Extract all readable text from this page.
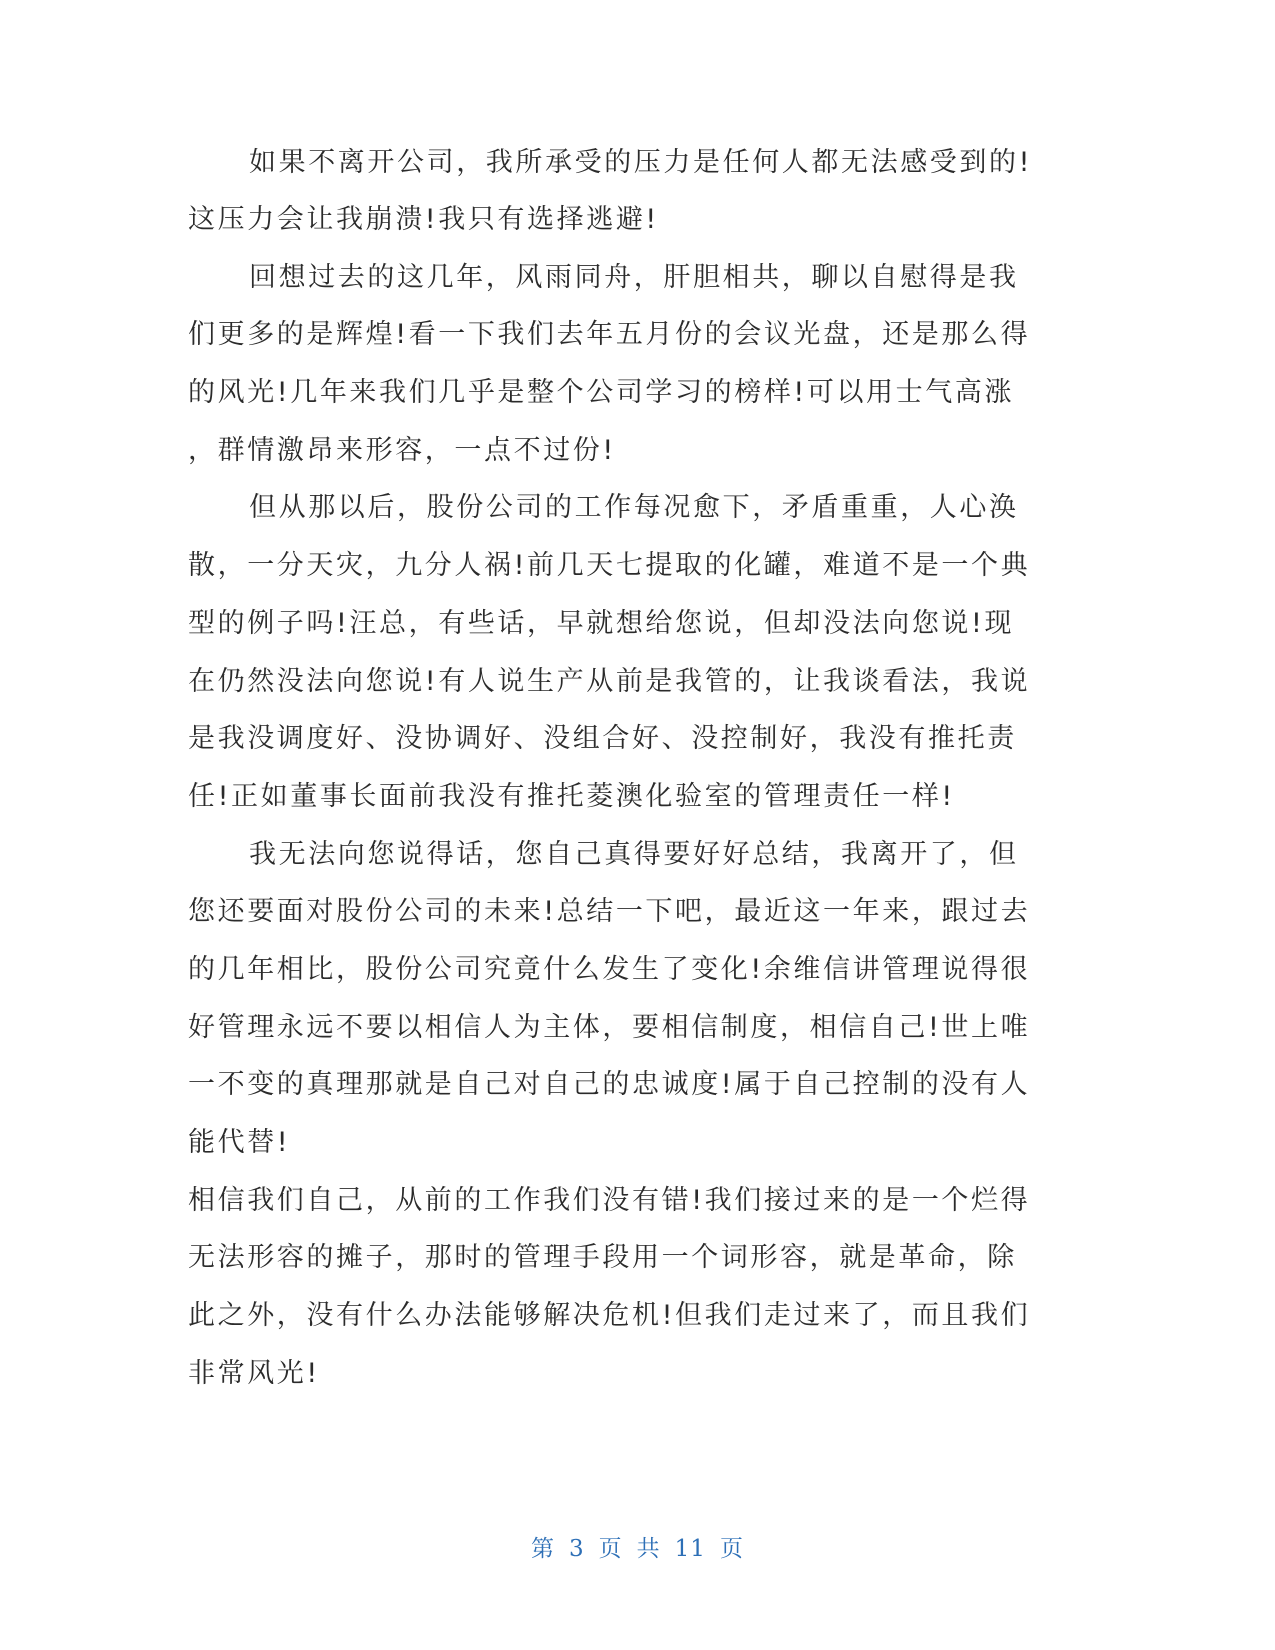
如果不离开公司，我所承受的压力是任何人都无法感受到的!
这压力会让我崩溃!我只有选择逃避!
回想过去的这几年，风雨同舟，肝胆相共，聊以自慰得是我
们更多的是辉煌!看一下我们去年五月份的会议光盘，还是那么得
的风光!几年来我们几乎是整个公司学习的榜样!可以用士气高涨
，群情激昂来形容，一点不过份!
但从那以后，股份公司的工作每况愈下，矛盾重重，人心涣
散，一分天灾，九分人祸!前几天七提取的化罐，难道不是一个典
型的例子吗!汪总，有些话，早就想给您说，但却没法向您说!现
在仍然没法向您说!有人说生产从前是我管的，让我谈看法，我说
是我没调度好、没协调好、没组合好、没控制好，我没有推托责
任!正如董事长面前我没有推托菱澳化验室的管理责任一样!
我无法向您说得话，您自己真得要好好总结，我离开了，但
您还要面对股份公司的未来!总结一下吧，最近这一年来，跟过去
的几年相比，股份公司究竟什么发生了变化!余维信讲管理说得很
好管理永远不要以相信人为主体，要相信制度，相信自己!世上唯
一不变的真理那就是自己对自己的忠诚度!属于自己控制的没有人
能代替!
相信我们自己，从前的工作我们没有错!我们接过来的是一个烂得
无法形容的摊子，那时的管理手段用一个词形容，就是革命，除
此之外，没有什么办法能够解决危机!但我们走过来了，而且我们
非常风光!
第 3 页 共 11 页
